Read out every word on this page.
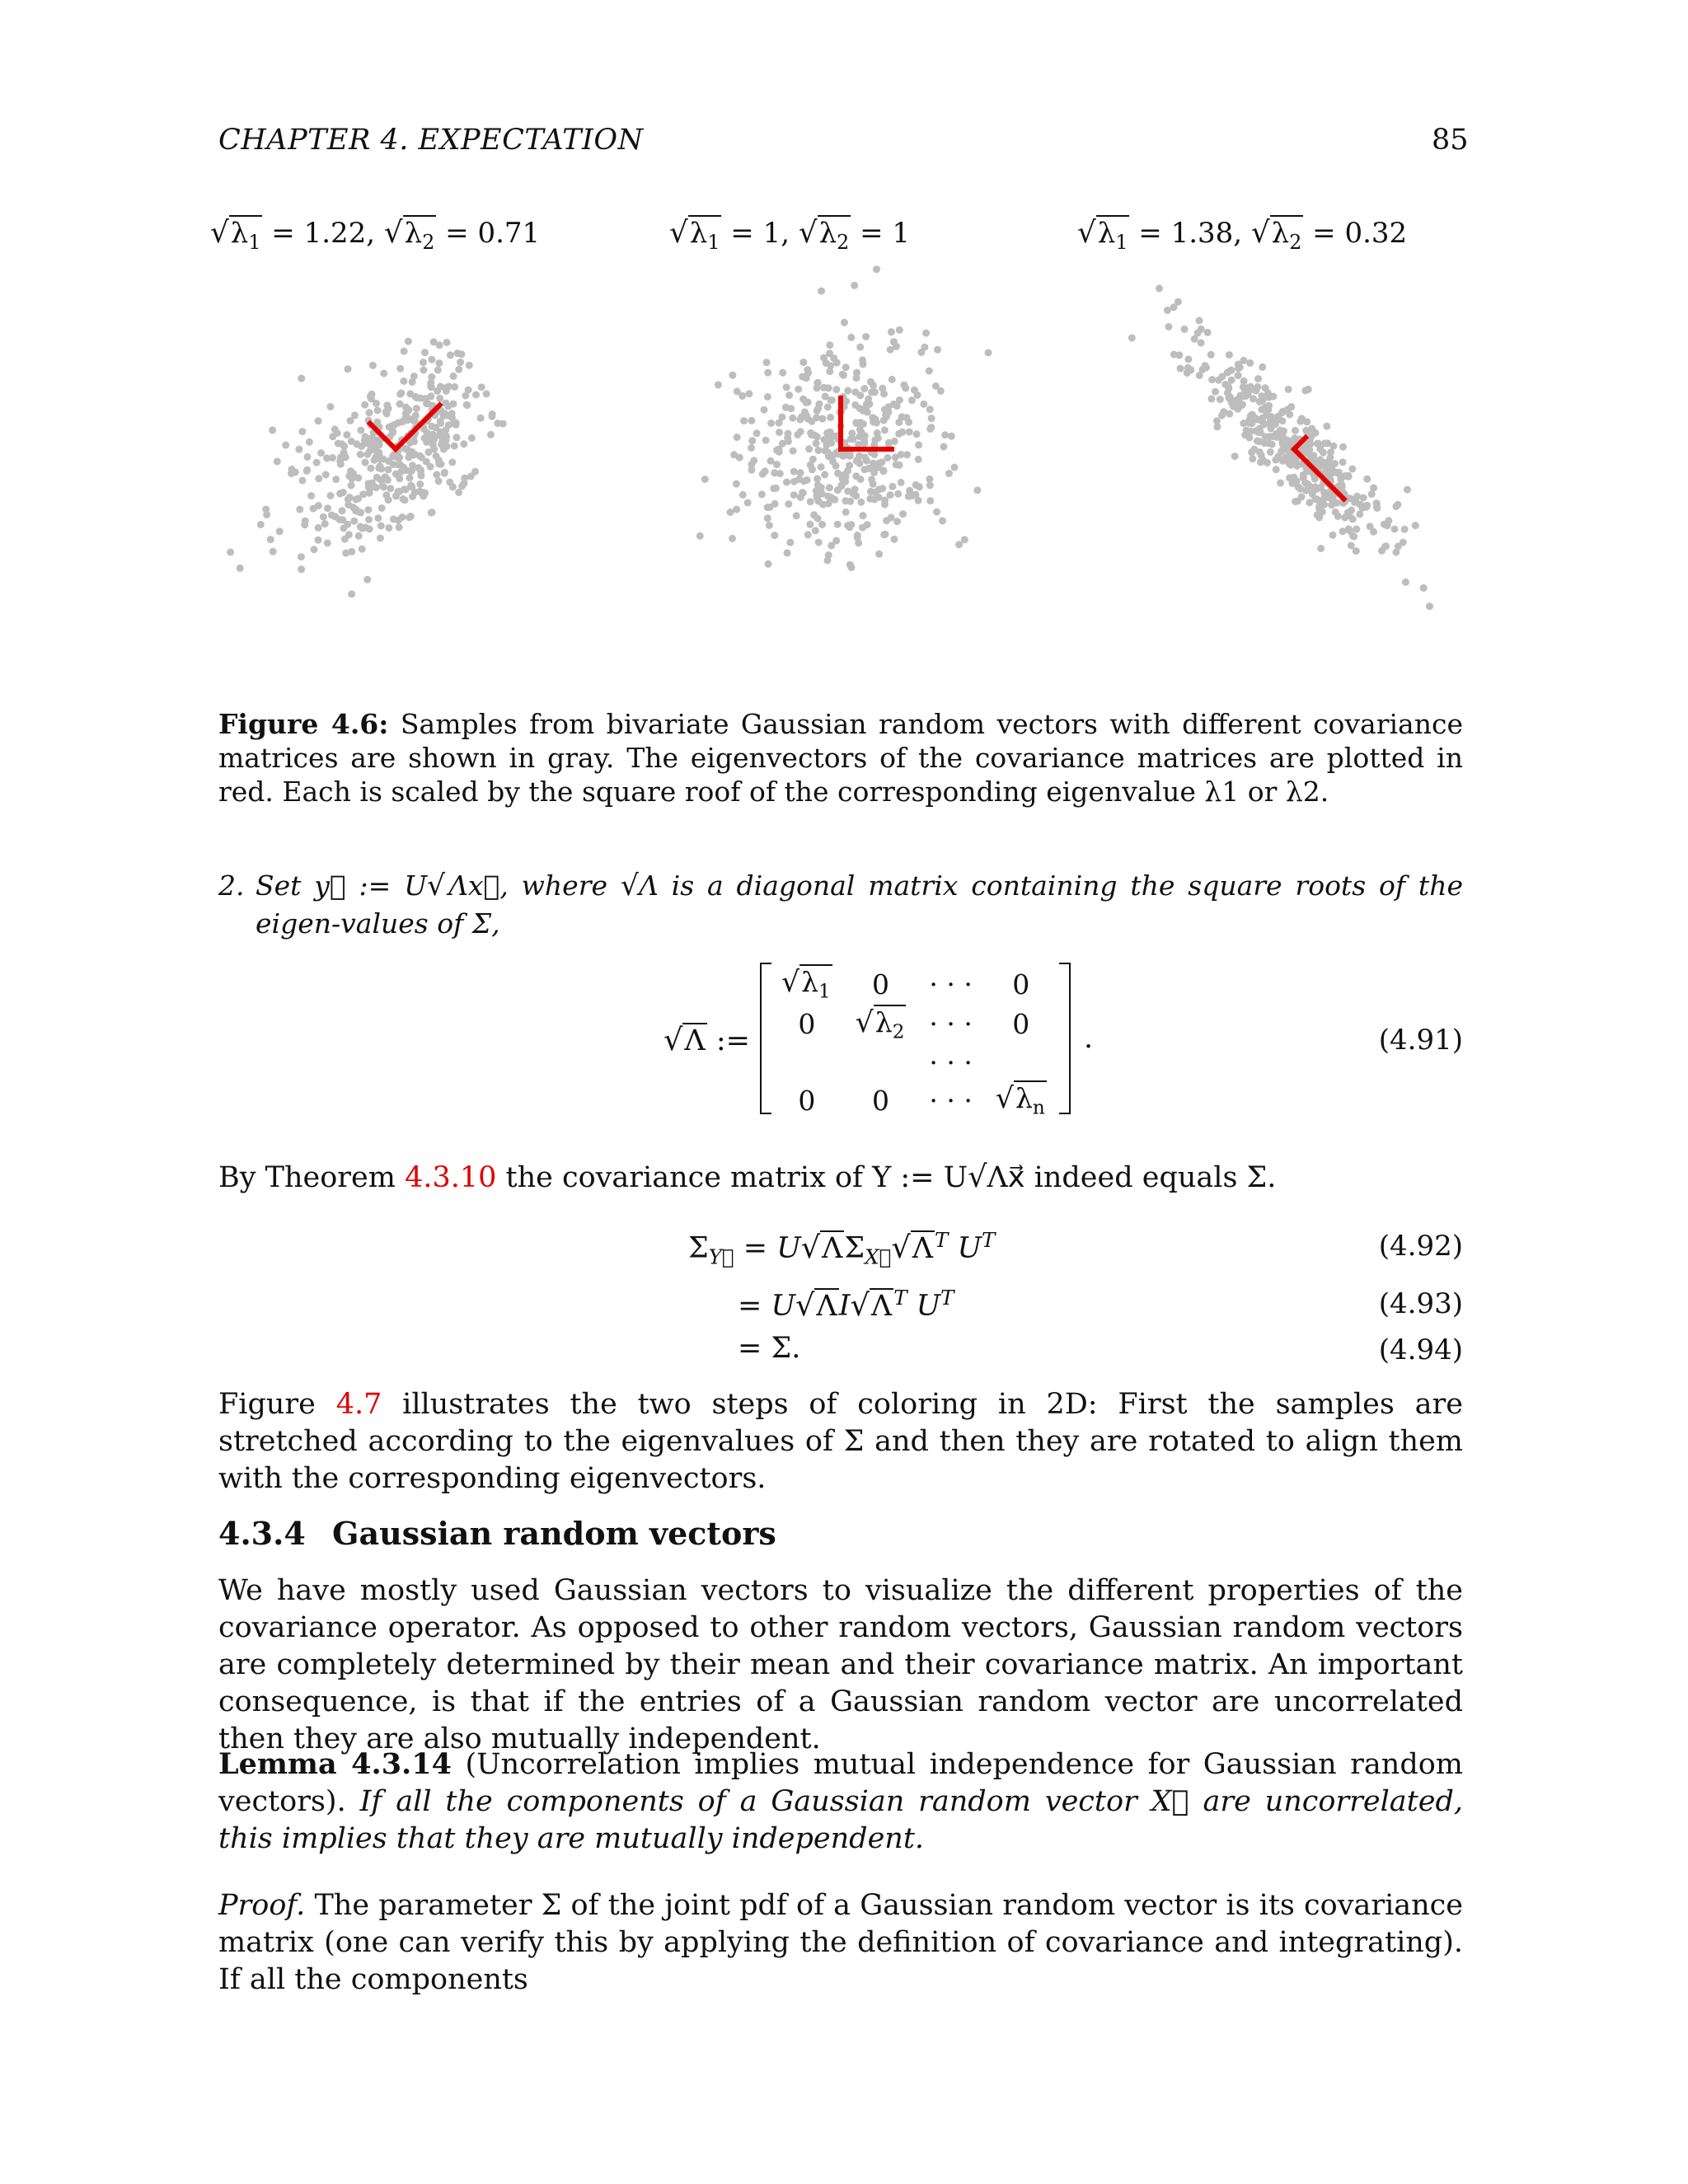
CHAPTER 4. EXPECTATION	85
$√\lambda_1 = 1.22$, $√\lambda_2 = 0.71$	$√\lambda_1 = 1$, $√\lambda_2 = 1$	$√\lambda_1 = 1.38$, $√\lambda_2 = 0.32$
Figure 4.6: Samples from bivariate Gaussian random vectors with different covariance matrices are shown in gray. The eigenvectors of the covariance matrices are plotted in red. Each is scaled by the square roof of the corresponding eigenvalue λ1 or λ2.
2. Set y⃗ := U√ Λx⃗, where √Λ is a diagonal matrix containing the square roots of the eigen-values of Σ,
√Λ :=
$√\lambda_1$	0	· · ·	0
0	$√\lambda_2$	· · ·	0
		· · ·	
0	0	· · ·	$√\lambda_n$
.	(4.91)
By Theorem 4.3.10 the covariance matrix of Y := U√Λx⃗ indeed equals Σ.
$\Sigma_{Y⃗} = U√\Lambda\Sigma_{X⃗}√\Lambda^T$ $U^T$	(4.92)
= $U√\Lambda I√\Lambda^T$ $U^T$	(4.93)
= Σ.	(4.94)
Figure 4.7 illustrates the two steps of coloring in 2D: First the samples are stretched according to the eigenvalues of Σ and then they are rotated to align them with the corresponding eigenvectors.
4.3.4 Gaussian random vectors
We have mostly used Gaussian vectors to visualize the different properties of the covariance operator. As opposed to other random vectors, Gaussian random vectors are completely determined by their mean and their covariance matrix. An important consequence, is that if the entries of a Gaussian random vector are uncorrelated then they are also mutually independent.
Lemma 4.3.14 (Uncorrelation implies mutual independence for Gaussian random vectors). If all the components of a Gaussian random vector X⃗ are uncorrelated, this implies that they are mutually independent.
Proof. The parameter Σ of the joint pdf of a Gaussian random vector is its covariance matrix (one can verify this by applying the definition of covariance and integrating). If all the components
